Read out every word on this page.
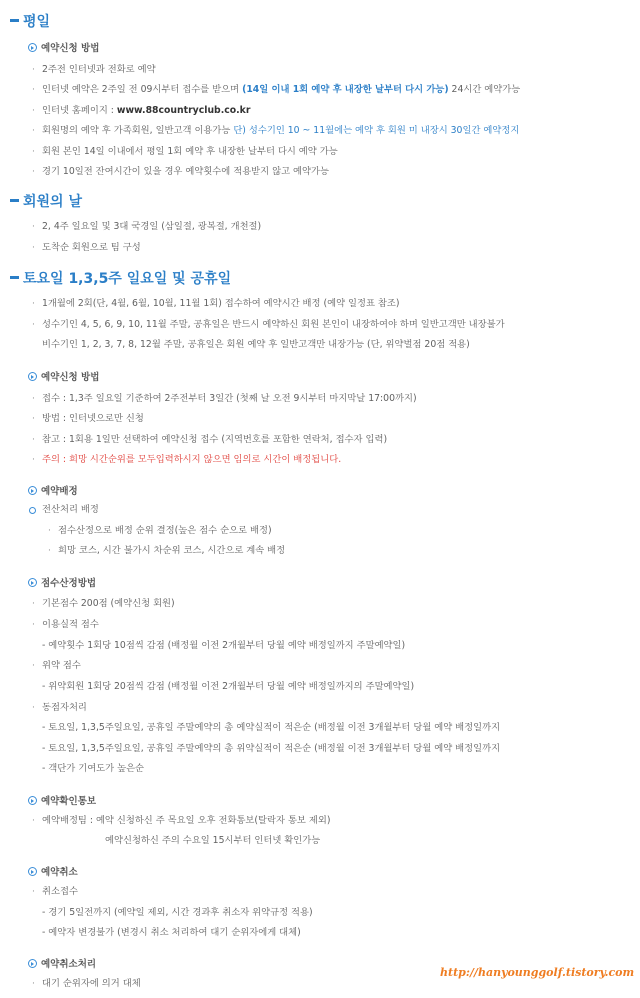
평일
예약신청 방법
· 2주전 인터넷과 전화로 예약
· 인터넷 예약은 2주일 전 09시부터 접수를 받으며 (14일 이내 1회 예약 후 내장한 날부터 다시 가능) 24시간 예약가능
· 인터넷 홈페이지 : www.88countryclub.co.kr
· 회원명의 예약 후 가족회원, 일반고객 이용가능 단) 성수기인 10 ~ 11월에는 예약 후 회원 미 내장시 30일간 예약정지
· 회원 본인 14일 이내에서 평일 1회 예약 후 내장한 날부터 다시 예약 가능
· 경기 10일전 잔여시간이 있을 경우 예약횟수에 적용받지 않고 예약가능
회원의 날
· 2, 4주 일요일 및 3대 국경일 (삼일절, 광복절, 개천절)
· 도착순 회원으로 팀 구성
토요일 1,3,5주 일요일 및 공휴일
· 1개월에 2회(단, 4월, 6월, 10월, 11월 1회) 접수하여 예약시간 배정 (예약 일정표 참조)
· 성수기인 4, 5, 6, 9, 10, 11월 주말, 공휴일은 반드시 예약하신 회원 본인이 내장하여야 하며 일반고객만 내장불가
비수기인 1, 2, 3, 7, 8, 12월 주말, 공휴일은 회원 예약 후 일반고객만 내장가능 (단, 위약벌점 20점 적용)
예약신청 방법
· 접수 : 1,3주 일요일 기준하여 2주전부터 3일간 (첫째 날 오전 9시부터 마지막날 17:00까지)
· 방법 : 인터넷으로만 신청
· 참고 : 1회용 1일만 선택하여 예약신청 접수 (지역번호를 포함한 연락처, 접수자 입력)
· 주의 : 희망 시간순위를 모두입력하시지 않으면 임의로 시간이 배정됩니다.
예약배정
전산처리 배정
· 점수산정으로 배정 순위 결정(높은 점수 순으로 배정)
· 희망 코스, 시간 불가시 차순위 코스, 시간으로 계속 배정
점수산정방법
· 기본점수 200점 (예약신청 회원)
· 이용실적 점수
- 예약횟수 1회당 10점씩 감점 (배정월 이전 2개월부터 당월 예약 배정일까지 주말예약일)
· 위약 점수
- 위약회원 1회당 20점씩 감점 (배정월 이전 2개월부터 당월 예약 배정일까지의 주말예약일)
· 동점자처리
- 토요일, 1,3,5주일요일, 공휴일 주말예약의 총 예약실적이 적은순 (배정월 이전 3개월부터 당월 예약 배정일까지
- 토요일, 1,3,5주일요일, 공휴일 주말예약의 총 위약실적이 적은순 (배정월 이전 3개월부터 당월 예약 배정일까지
- 객단가 기여도가 높은순
예약확인통보
· 예약배정팀 : 예약 신청하신 주 목요일 오후 전화통보(탈락자 통보 제외)
예약신청하신 주의 수요일 15시부터 인터넷 확인가능
예약취소
· 취소접수
- 경기 5일전까지 (예약일 제외, 시간 경과후 취소자 위약규정 적용)
- 예약자 변경불가 (변경시 취소 처리하여 대기 순위자에게 대체)
예약취소처리
· 대기 순위자에 의거 대체
http://hanyounggolf.tistory.com
